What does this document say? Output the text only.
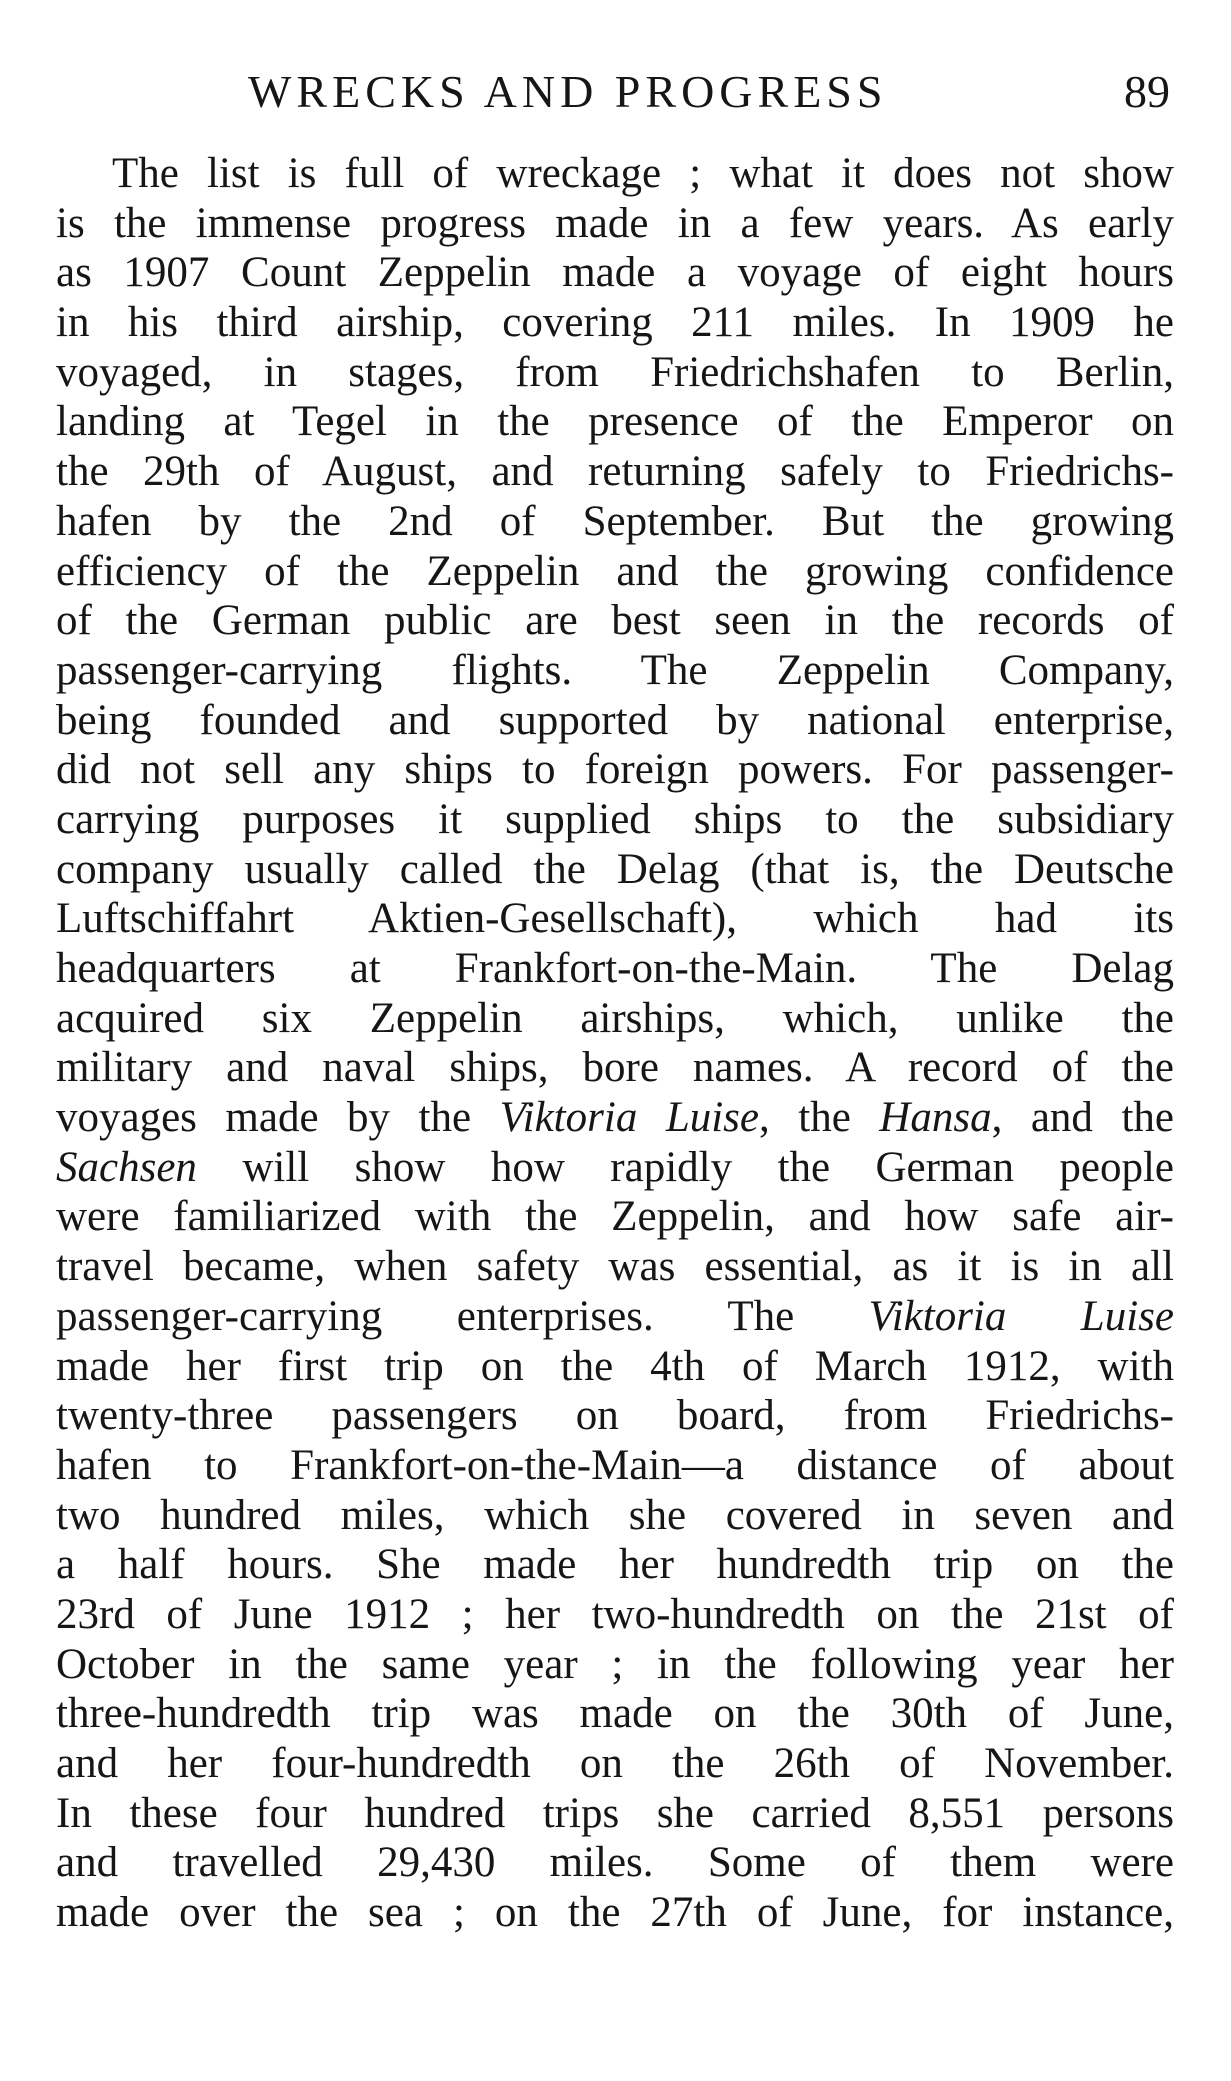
WRECKS AND PROGRESS	89
The list is full of wreckage ; what it does not show
is the immense progress made in a few years. As early
as 1907 Count Zeppelin made a voyage of eight hours
in his third airship, covering 211 miles. In 1909 he
voyaged, in stages, from Friedrichshafen to Berlin,
landing at Tegel in the presence of the Emperor on
the 29th of August, and returning safely to Friedrichs-
hafen by the 2nd of September. But the growing
efficiency of the Zeppelin and the growing confidence
of the German public are best seen in the records of
passenger-carrying flights. The Zeppelin Company,
being founded and supported by national enterprise,
did not sell any ships to foreign powers. For passenger-
carrying purposes it supplied ships to the subsidiary
company usually called the Delag (that is, the Deutsche
Luftschiffahrt Aktien-Gesellschaft), which had its
headquarters at Frankfort-on-the-Main. The Delag
acquired six Zeppelin airships, which, unlike the
military and naval ships, bore names. A record of the
voyages made by the Viktoria Luise, the Hansa, and the
Sachsen will show how rapidly the German people
were familiarized with the Zeppelin, and how safe air-
travel became, when safety was essential, as it is in all
passenger-carrying enterprises. The Viktoria Luise
made her first trip on the 4th of March 1912, with
twenty-three passengers on board, from Friedrichs-
hafen to Frankfort-on-the-Main—a distance of about
two hundred miles, which she covered in seven and
a half hours. She made her hundredth trip on the
23rd of June 1912 ; her two-hundredth on the 21st of
October in the same year ; in the following year her
three-hundredth trip was made on the 30th of June,
and her four-hundredth on the 26th of November.
In these four hundred trips she carried 8,551 persons
and travelled 29,430 miles. Some of them were
made over the sea ; on the 27th of June, for instance,
